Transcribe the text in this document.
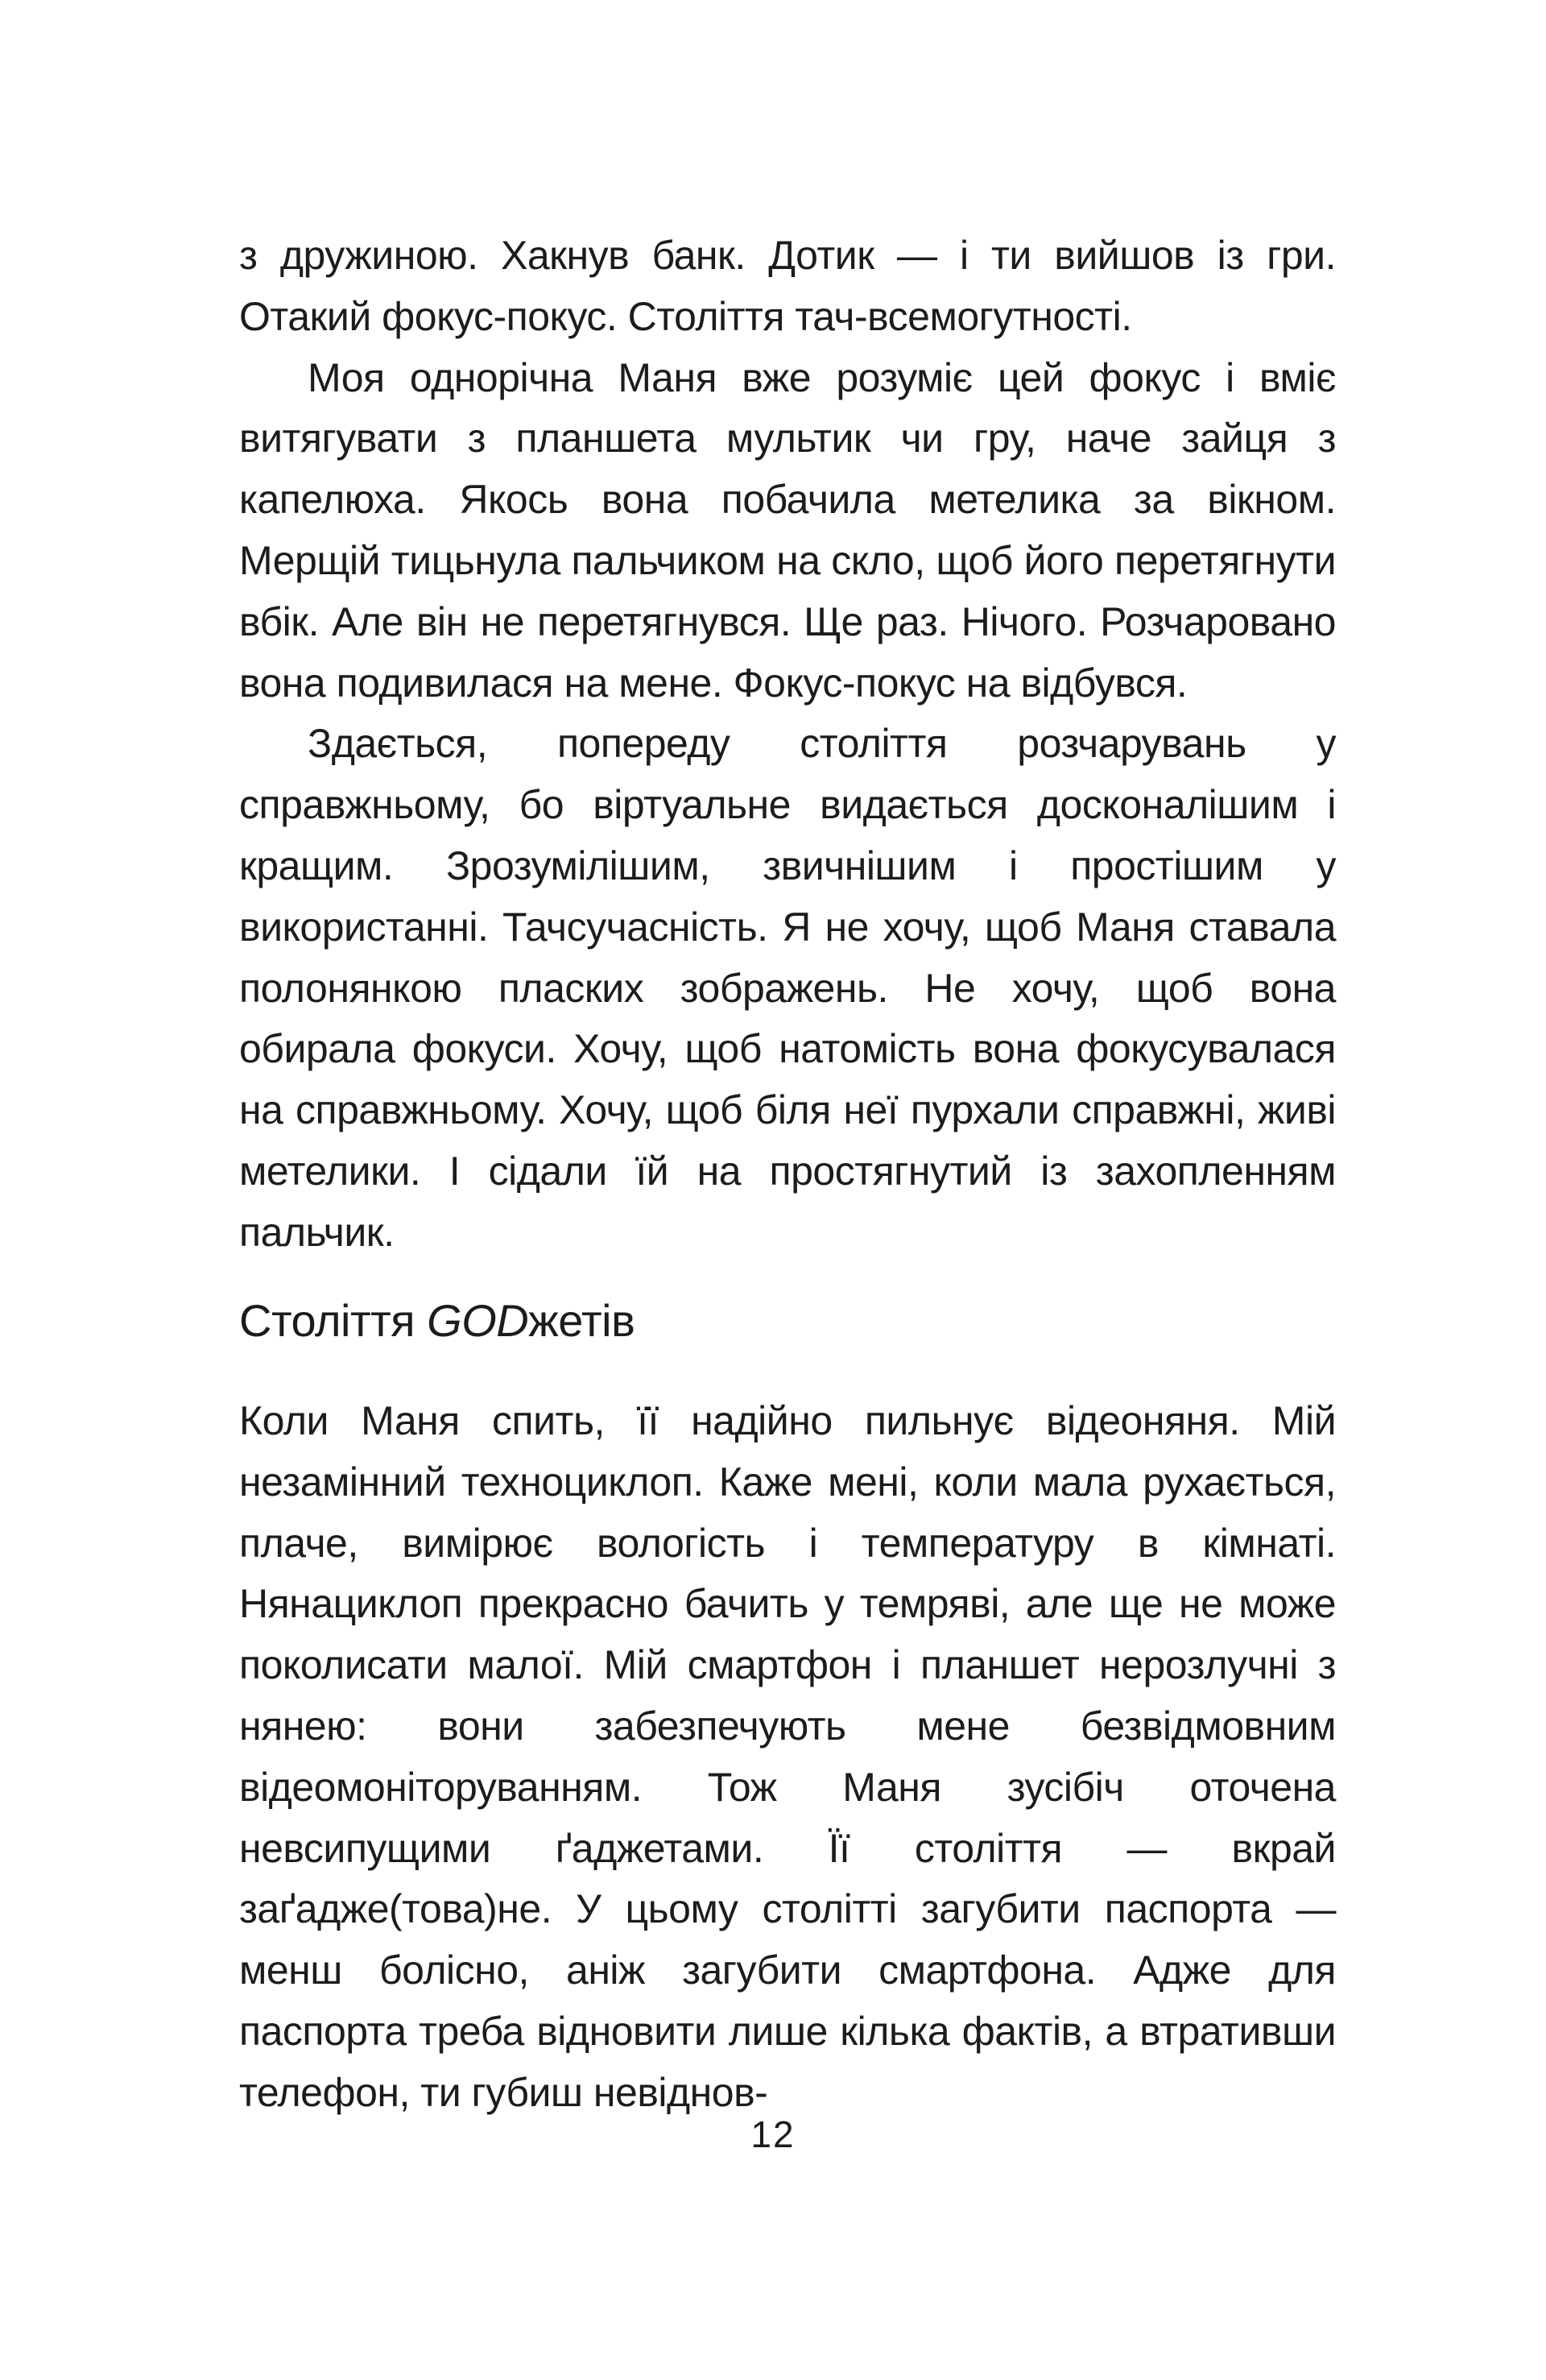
з дружиною. Хакнув банк. Дотик — і ти вийшов із гри. Отакий фокус-покус. Століття тач-всемогутності.

Моя однорічна Маня вже розуміє цей фокус і вміє витягувати з планшета мультик чи гру, наче зайця з капелюха. Якось вона побачила метелика за вікном. Мерщій тицьнула пальчиком на скло, щоб його перетягнути вбік. Але він не перетягнувся. Ще раз. Нічого. Розчаровано вона подивилася на мене. Фокус-покус на відбувся.

Здається, попереду століття розчарувань у справжньому, бо віртуальне видається досконалішим і кращим. Зрозумілішим, звичнішим і простішим у використанні. Тачсучасність. Я не хочу, щоб Маня ставала полонянкою пласких зображень. Не хочу, щоб вона обирала фокуси. Хочу, щоб натомість вона фокусувалася на справжньому. Хочу, щоб біля неї пурхали справжні, живі метелики. І сідали їй на простягнутий із захопленням пальчик.

Століття GODжетів

Коли Маня спить, її надійно пильнує відеоняня. Мій незамінний техноциклоп. Каже мені, коли мала рухається, плаче, вимірює вологість і температуру в кімнаті. Нянациклоп прекрасно бачить у темряві, але ще не може поколисати малої. Мій смартфон і планшет нерозлучні з нянею: вони забезпечують мене безвідмовним відеомоніторуванням. Тож Маня зусібіч оточена невсипущими ґаджетами. Її століття — вкрай заґадже(това)не. У цьому столітті загубити паспорта — менш болісно, аніж загубити смартфона. Адже для паспорта треба відновити лише кілька фактів, а втративши телефон, ти губиш невіднов-

12
